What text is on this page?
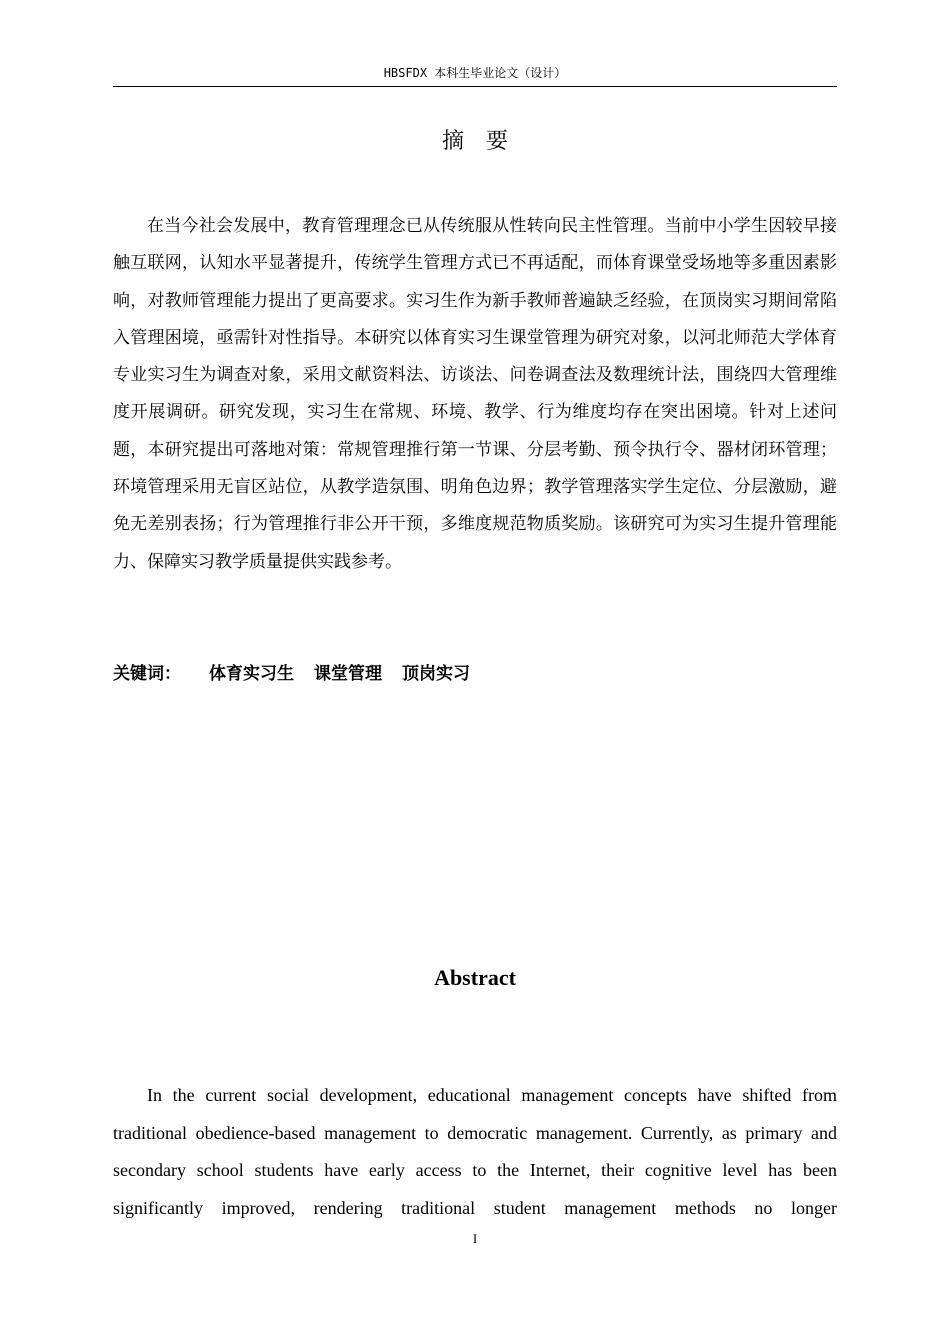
HBSFDX 本科生毕业论文（设计）
摘要

在当今社会发展中，教育管理理念已从传统服从性转向民主性管理。当前中小学生因较早接触互联网，认知水平显著提升，传统学生管理方式已不再适配，而体育课堂受场地等多重因素影响，对教师管理能力提出了更高要求。实习生作为新手教师普遍缺乏经验，在顶岗实习期间常陷入管理困境，亟需针对性指导。本研究以体育实习生课堂管理为研究对象，以河北师范大学体育专业实习生为调查对象，采用文献资料法、访谈法、问卷调查法及数理统计法，围绕四大管理维度开展调研。研究发现，实习生在常规、环境、教学、行为维度均存在突出困境。针对上述问题，本研究提出可落地对策：常规管理推行第一节课、分层考勤、预令执行令、器材闭环管理；环境管理采用无盲区站位，从教学造氛围、明角色边界；教学管理落实学生定位、分层激励，避免无差别表扬；行为管理推行非公开干预，多维度规范物质奖励。该研究可为实习生提升管理能力、保障实习教学质量提供实践参考。

关键词： 体育实习生 课堂管理 顶岗实习
Abstract

In the current social development, educational management concepts have shifted from traditional obedience-based management to democratic management. Currently, as primary and secondary school students have early access to the Internet, their cognitive level has been significantly improved, rendering traditional student management methods no longer

I
